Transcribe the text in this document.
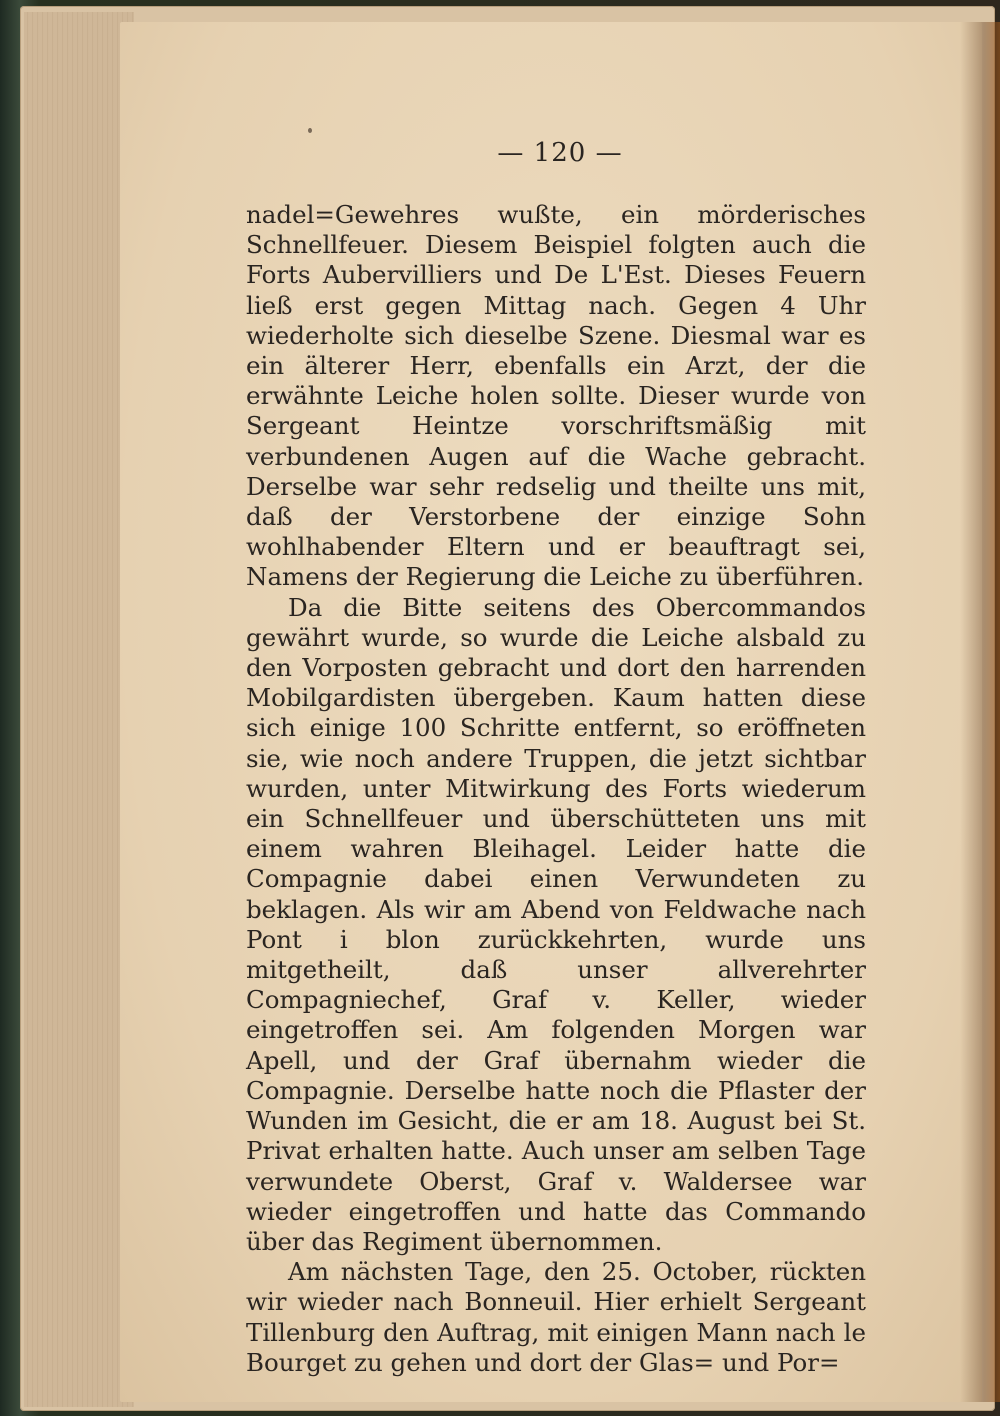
— 120 —

nadel=Gewehres wußte, ein mörderisches Schnellfeuer. Diesem Beispiel folgten auch die Forts Aubervilliers und De L'Est. Dieses Feuern ließ erst gegen Mittag nach. Gegen 4 Uhr wiederholte sich dieselbe Szene. Diesmal war es ein älterer Herr, ebenfalls ein Arzt, der die erwähnte Leiche holen sollte. Dieser wurde von Sergeant Heintze vorschriftsmäßig mit verbundenen Augen auf die Wache gebracht. Derselbe war sehr redselig und theilte uns mit, daß der Verstorbene der einzige Sohn wohlhabender Eltern und er beauftragt sei, Namens der Regierung die Leiche zu überführen.

Da die Bitte seitens des Obercommandos gewährt wurde, so wurde die Leiche alsbald zu den Vorposten gebracht und dort den harrenden Mobilgardisten übergeben. Kaum hatten diese sich einige 100 Schritte entfernt, so eröffneten sie, wie noch andere Truppen, die jetzt sichtbar wurden, unter Mitwirkung des Forts wiederum ein Schnellfeuer und überschütteten uns mit einem wahren Bleihagel. Leider hatte die Compagnie dabei einen Verwundeten zu beklagen. Als wir am Abend von Feldwache nach Pont i blon zurückkehrten, wurde uns mitgetheilt, daß unser allverehrter Compagniechef, Graf v. Keller, wieder eingetroffen sei. Am folgenden Morgen war Apell, und der Graf übernahm wieder die Compagnie. Derselbe hatte noch die Pflaster der Wunden im Gesicht, die er am 18. August bei St. Privat erhalten hatte. Auch unser am selben Tage verwundete Oberst, Graf v. Waldersee war wieder eingetroffen und hatte das Commando über das Regiment übernommen.

Am nächsten Tage, den 25. October, rückten wir wieder nach Bonneuil. Hier erhielt Sergeant Tillenburg den Auftrag, mit einigen Mann nach le Bourget zu gehen und dort der Glas= und Por=
